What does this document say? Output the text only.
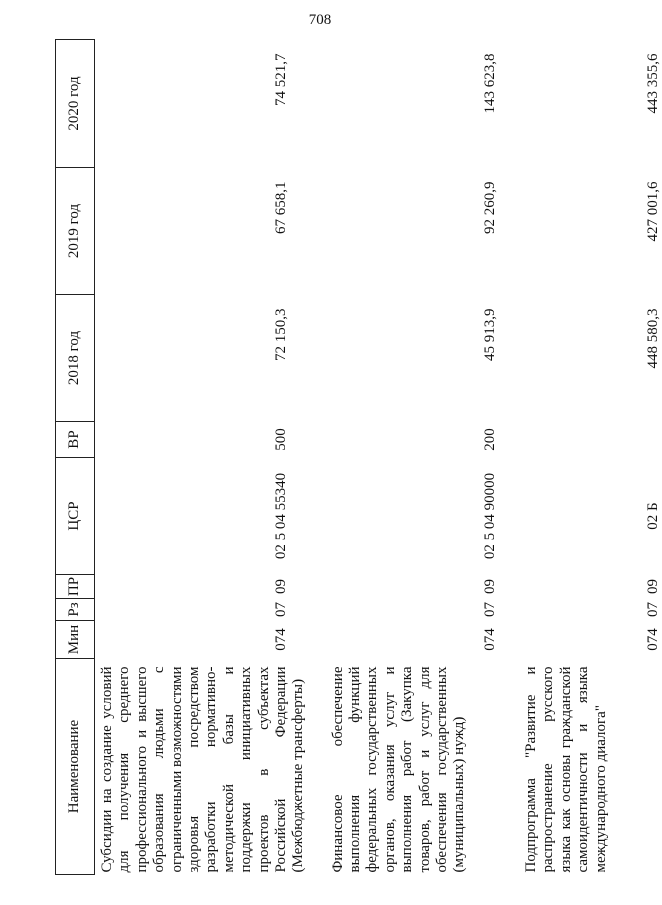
708
Наименование	Мин	Рз	ПР	ЦСР	ВР	2018 год	2019 год	2020 год
Субсидии на создание условий для получения среднего профессионального и высшего образования людьми с ограниченными возможностями здоровья посредством разработки нормативно-методической базы и поддержки инициативных проектов в субъектах Российской Федерации (Межбюджетные трансферты)	074	07	09	02 5 04 55340	500	72 150,3	67 658,1	74 521,7
Финансовое обеспечение выполнения функций федеральных государственных органов, оказания услуг и выполнения работ (Закупка товаров, работ и услуг для обеспечения государственных (муниципальных) нужд)	074	07	09	02 5 04 90000	200	45 913,9	92 260,9	143 623,8
Подпрограмма "Развитие и распространение русского языка как основы гражданской самоидентичности и языка международного диалога"	074	07	09	02 Б		448 580,3	427 001,6	443 355,6
